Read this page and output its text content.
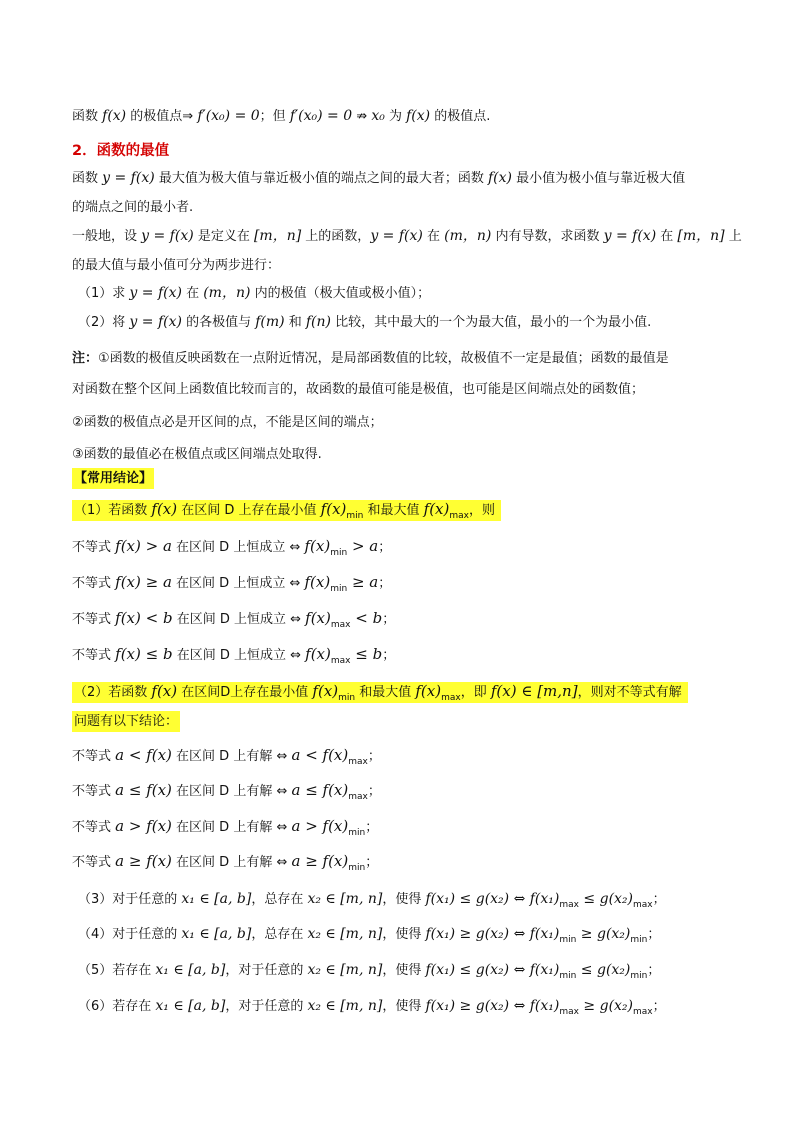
函数 f(x) 的极值点⇒ f′(x₀) = 0；但 f′(x₀) = 0 ⇏ x₀ 为 f(x) 的极值点.
2．函数的最值
函数 y = f(x) 最大值为极大值与靠近极小值的端点之间的最大者；函数 f(x) 最小值为极小值与靠近极大值
的端点之间的最小者.
一般地，设 y = f(x) 是定义在 [m，n] 上的函数，y = f(x) 在 (m，n) 内有导数，求函数 y = f(x) 在 [m，n] 上
的最大值与最小值可分为两步进行：
（1）求 y = f(x) 在 (m，n) 内的极值（极大值或极小值）；
（2）将 y = f(x) 的各极值与 f(m) 和 f(n) 比较，其中最大的一个为最大值，最小的一个为最小值.
注：①函数的极值反映函数在一点附近情况，是局部函数值的比较，故极值不一定是最值；函数的最值是
对函数在整个区间上函数值比较而言的，故函数的最值可能是极值，也可能是区间端点处的函数值；
②函数的极值点必是开区间的点，不能是区间的端点；
③函数的最值必在极值点或区间端点处取得.
【常用结论】
（1）若函数 f(x) 在区间 D 上存在最小值 $f(x)_{min}$ 和最大值 $f(x)_{max}$，则
不等式 f(x) > a 在区间 D 上恒成立 ⇔ $f(x)_{min} > a$；
不等式 f(x) ≥ a 在区间 D 上恒成立 ⇔ $f(x)_{min} \ge a$；
不等式 f(x) < b 在区间 D 上恒成立 ⇔ $f(x)_{max} < b$；
不等式 f(x) ≤ b 在区间 D 上恒成立 ⇔ $f(x)_{max} \le b$；
（2）若函数 f(x) 在区间D上存在最小值 $f(x)_{min}$ 和最大值 $f(x)_{max}$，即 f(x) ∈ [m,n]，则对不等式有解
问题有以下结论：
不等式 a < f(x) 在区间 D 上有解 ⇔ $a < f(x)_{max}$；
不等式 a ≤ f(x) 在区间 D 上有解 ⇔ $a \le f(x)_{max}$；
不等式 a > f(x) 在区间 D 上有解 ⇔ $a > f(x)_{min}$；
不等式 a ≥ f(x) 在区间 D 上有解 ⇔ $a \ge f(x)_{min}$；
（3）对于任意的 x₁ ∈ [a, b]，总存在 x₂ ∈ [m, n]，使得 f(x₁) ≤ g(x₂) ⇔ $f(x_1)_{max} \le g(x_2)_{max}$；
（4）对于任意的 x₁ ∈ [a, b]，总存在 x₂ ∈ [m, n]，使得 f(x₁) ≥ g(x₂) ⇔ $f(x_1)_{min} \ge g(x_2)_{min}$；
（5）若存在 x₁ ∈ [a, b]，对于任意的 x₂ ∈ [m, n]，使得 f(x₁) ≤ g(x₂) ⇔ $f(x_1)_{min} \le g(x_2)_{min}$；
（6）若存在 x₁ ∈ [a, b]，对于任意的 x₂ ∈ [m, n]，使得 f(x₁) ≥ g(x₂) ⇔ $f(x_1)_{max} \ge g(x_2)_{max}$；
